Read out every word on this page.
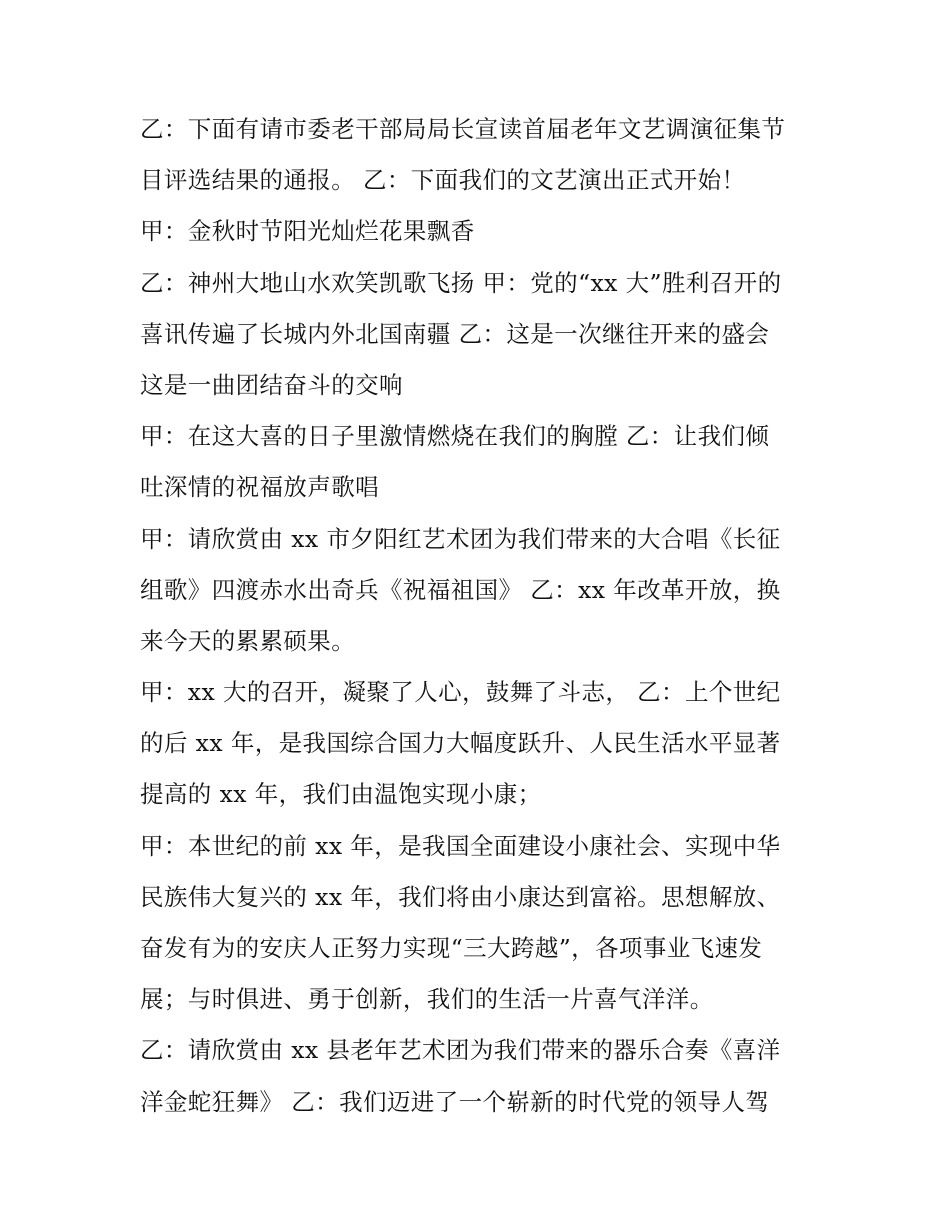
乙：下面有请市委老干部局局长宣读首届老年文艺调演征集节
目评选结果的通报。 乙：下面我们的文艺演出正式开始！
甲：金秋时节阳光灿烂花果飘香
乙：神州大地山水欢笑凯歌飞扬 甲：党的“xx 大”胜利召开的
喜讯传遍了长城内外北国南疆 乙：这是一次继往开来的盛会
这是一曲团结奋斗的交响
甲：在这大喜的日子里激情燃烧在我们的胸膛 乙：让我们倾
吐深情的祝福放声歌唱
甲：请欣赏由 xx 市夕阳红艺术团为我们带来的大合唱《长征
组歌》四渡赤水出奇兵《祝福祖国》 乙：xx 年改革开放，换
来今天的累累硕果。
甲：xx 大的召开，凝聚了人心，鼓舞了斗志， 乙：上个世纪
的后 xx 年，是我国综合国力大幅度跃升、人民生活水平显著
提高的 xx 年，我们由温饱实现小康；
甲：本世纪的前 xx 年，是我国全面建设小康社会、实现中华
民族伟大复兴的 xx 年，我们将由小康达到富裕。思想解放、
奋发有为的安庆人正努力实现“三大跨越”，各项事业飞速发
展；与时俱进、勇于创新，我们的生活一片喜气洋洋。
乙：请欣赏由 xx 县老年艺术团为我们带来的器乐合奏《喜洋
洋金蛇狂舞》 乙：我们迈进了一个崭新的时代党的领导人驾
